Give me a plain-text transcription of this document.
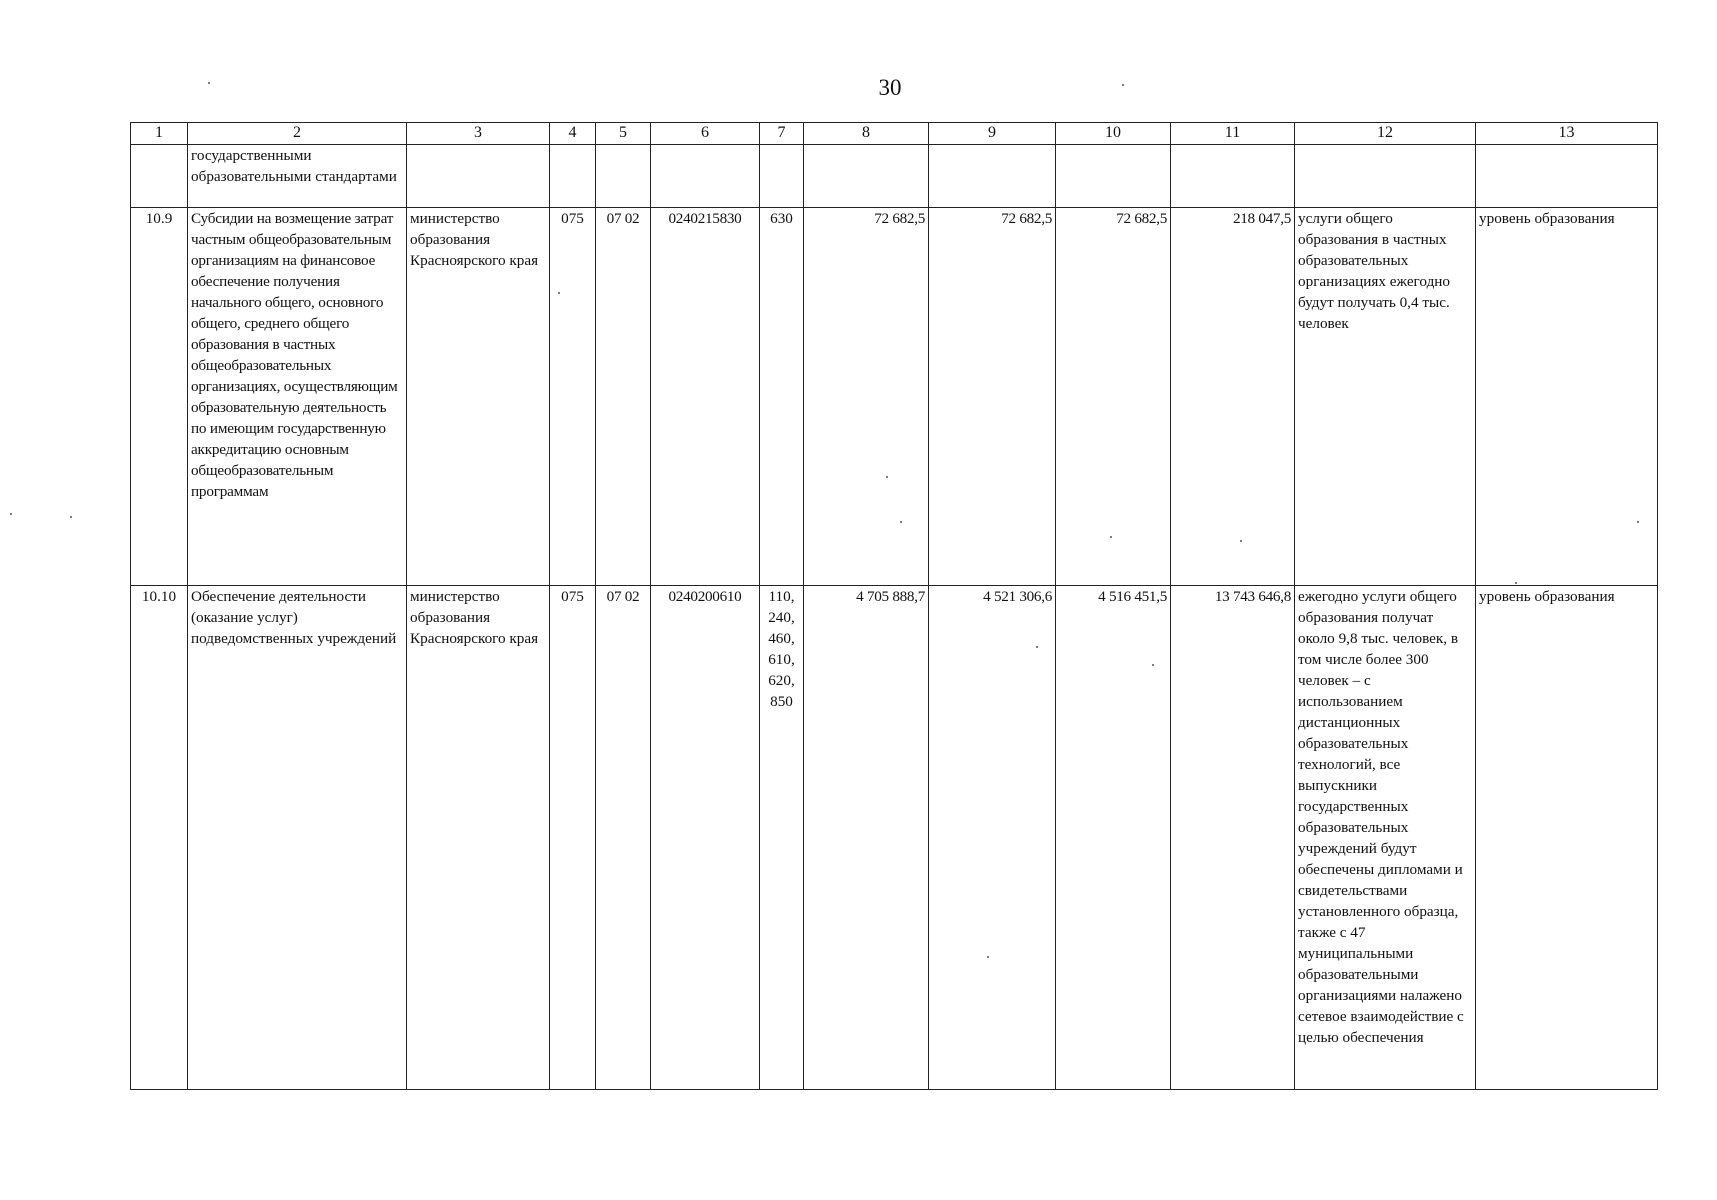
30
1	2	3	4	5	6	7	8	9	10	11	12	13
	государственными образовательными стандартами											
10.9	Субсидии на возмещение затрат частным общеобразовательным организациям на финансовое обеспечение получения начального общего, основного общего, среднего общего образования в частных общеобразовательных организациях, осуществляющим образовательную деятельность по имеющим государственную аккредитацию основным общеобразовательным программам	министерство образования Красноярского края	075	07 02	0240215830	630	72 682,5	72 682,5	72 682,5	218 047,5	услуги общего образования в частных образовательных организациях ежегодно будут получать 0,4 тыс. человек	уровень образования
10.10	Обеспечение деятельности (оказание услуг) подведомственных учреждений	министерство образования Красноярского края	075	07 02	0240200610	110, 240, 460, 610, 620, 850	4 705 888,7	4 521 306,6	4 516 451,5	13 743 646,8	ежегодно услуги общего образования получат около 9,8 тыс. человек, в том числе более 300 человек – с использованием дистанционных образовательных технологий, все выпускники государственных образовательных учреждений будут обеспечены дипломами и свидетельствами установленного образца, также с 47 муниципальными образовательными организациями налажено сетевое взаимодействие с целью обеспечения	уровень образования
